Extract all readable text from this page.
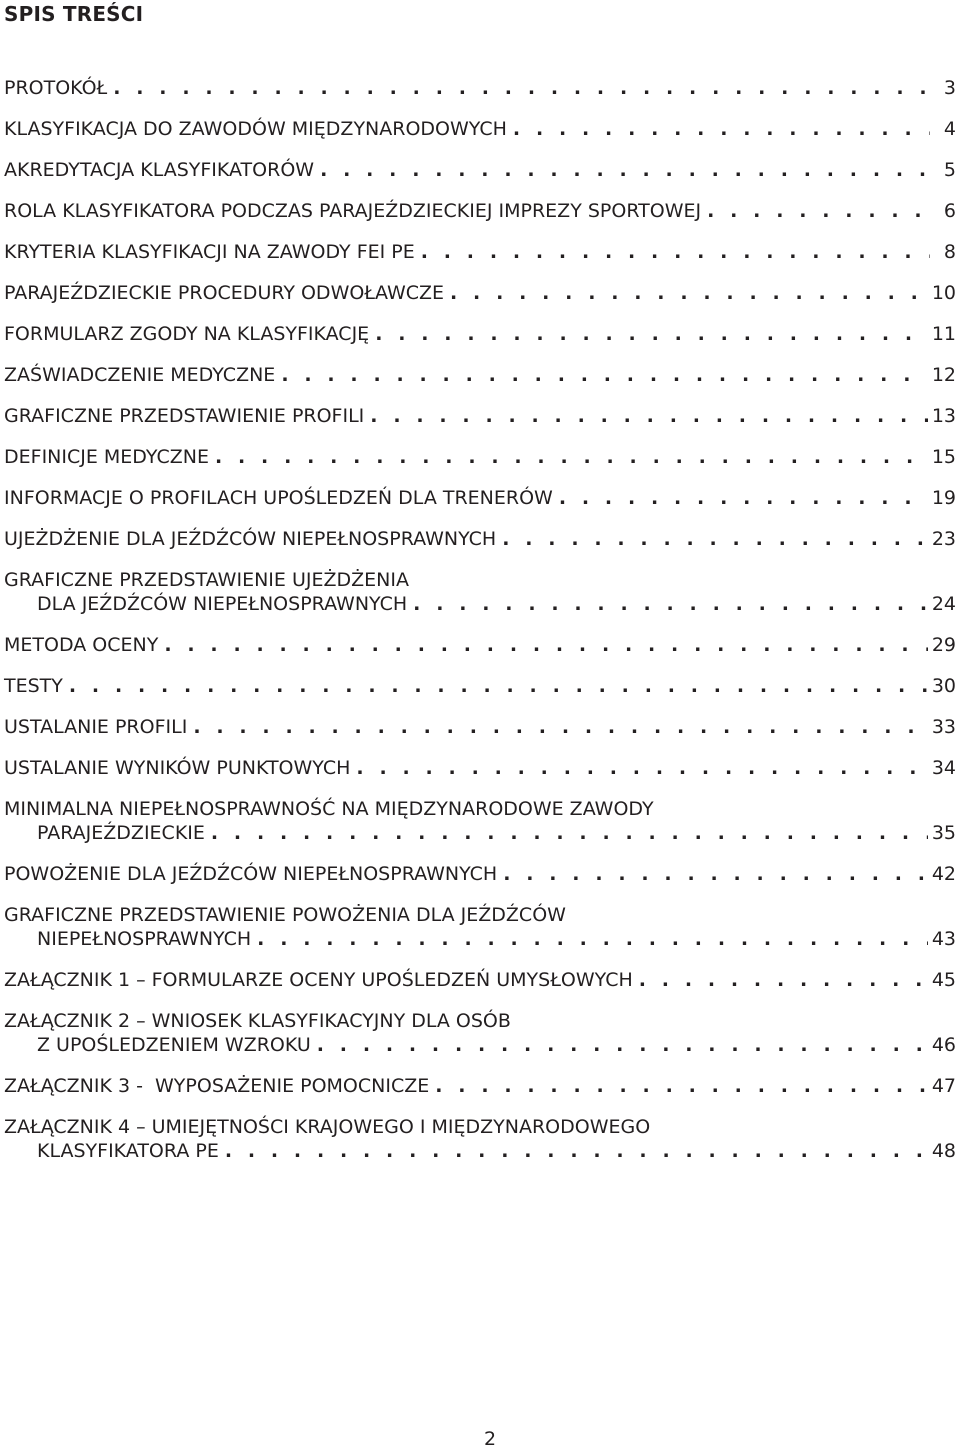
SPIS TREŚCI
PROTOKÓŁ . . .	3
KLASYFIKACJA DO ZAWODÓW MIĘDZYNARODOWYCH . . .	4
AKREDYTACJA KLASYFIKATORÓW . . .	5
ROLA KLASYFIKATORA PODCZAS PARAJEŹDZIECKIEJ IMPREZY SPORTOWEJ . . .	6
KRYTERIA KLASYFIKACJI NA ZAWODY FEI PE . . .	8
PARAJEŹDZIECKIE PROCEDURY ODWOŁAWCZE . . .	10
FORMULARZ ZGODY NA KLASYFIKACJĘ . . .	11
ZAŚWIADCZENIE MEDYCZNE . . .	12
GRAFICZNE PRZEDSTAWIENIE PROFILI . . .	13
DEFINICJE MEDYCZNE . . .	15
INFORMACJE O PROFILACH UPOŚLEDZEŃ DLA TRENERÓW . . .	19
UJEŻDŻENIE DLA JEŹDŹCÓW NIEPEŁNOSPRAWNYCH . . .	23
GRAFICZNE PRZEDSTAWIENIE UJEŻDŻENIA
DLA JEŹDŹCÓW NIEPEŁNOSPRAWNYCH . . .	24
METODA OCENY . . .	29
TESTY . . .	30
USTALANIE PROFILI . . .	33
USTALANIE WYNIKÓW PUNKTOWYCH . . .	34
MINIMALNA NIEPEŁNOSPRAWNOŚĆ NA MIĘDZYNARODOWE ZAWODY
PARAJEŹDZIECKIE . . .	35
POWOŻENIE DLA JEŹDŹCÓW NIEPEŁNOSPRAWNYCH . . .	42
GRAFICZNE PRZEDSTAWIENIE POWOŻENIA DLA JEŹDŹCÓW
NIEPEŁNOSPRAWNYCH . . .	43
ZAŁĄCZNIK 1 – FORMULARZE OCENY UPOŚLEDZEŃ UMYSŁOWYCH . . .	45
ZAŁĄCZNIK 2 – WNIOSEK KLASYFIKACYJNY DLA OSÓB
Z UPOŚLEDZENIEM WZROKU . . .	46
ZAŁĄCZNIK 3 -  WYPOSAŻENIE POMOCNICZE . . .	47
ZAŁĄCZNIK 4 – UMIEJĘTNOŚCI KRAJOWEGO I MIĘDZYNARODOWEGO
KLASYFIKATORA PE . . .	48
2
